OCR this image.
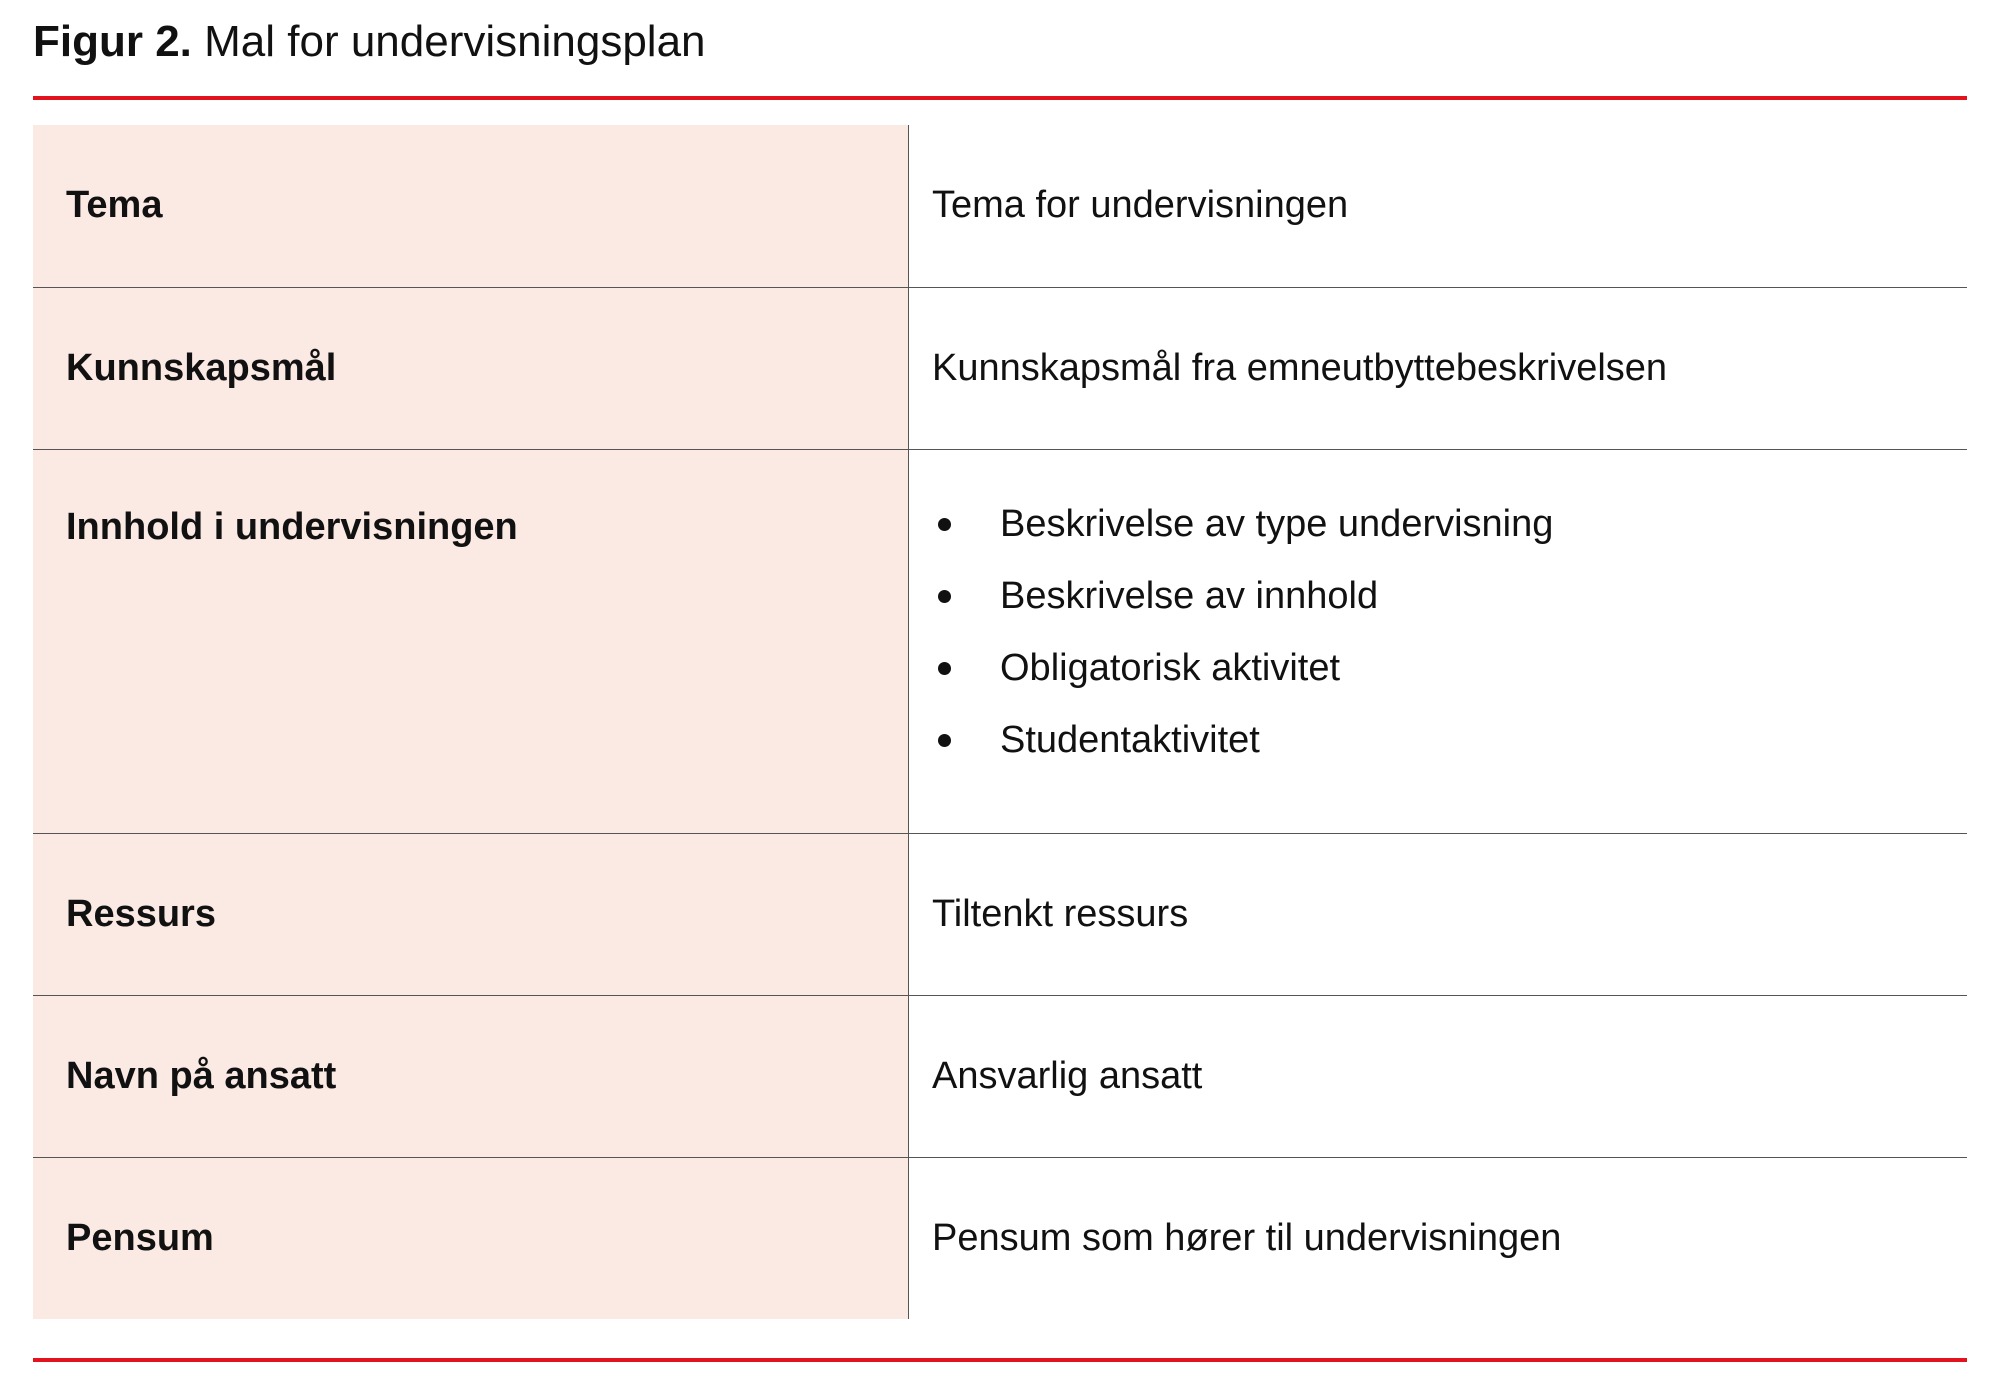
Figur 2. Mal for undervisningsplan
Tema	Tema for undervisningen
Kunnskapsmål	Kunnskapsmål fra emneutbyttebeskrivelsen
Innhold i undervisningen	Beskrivelse av type undervisning
Beskrivelse av innhold
Obligatorisk aktivitet
Studentaktivitet

Ressurs	Tiltenkt ressurs
Navn på ansatt	Ansvarlig ansatt
Pensum	Pensum som hører til undervisningen
